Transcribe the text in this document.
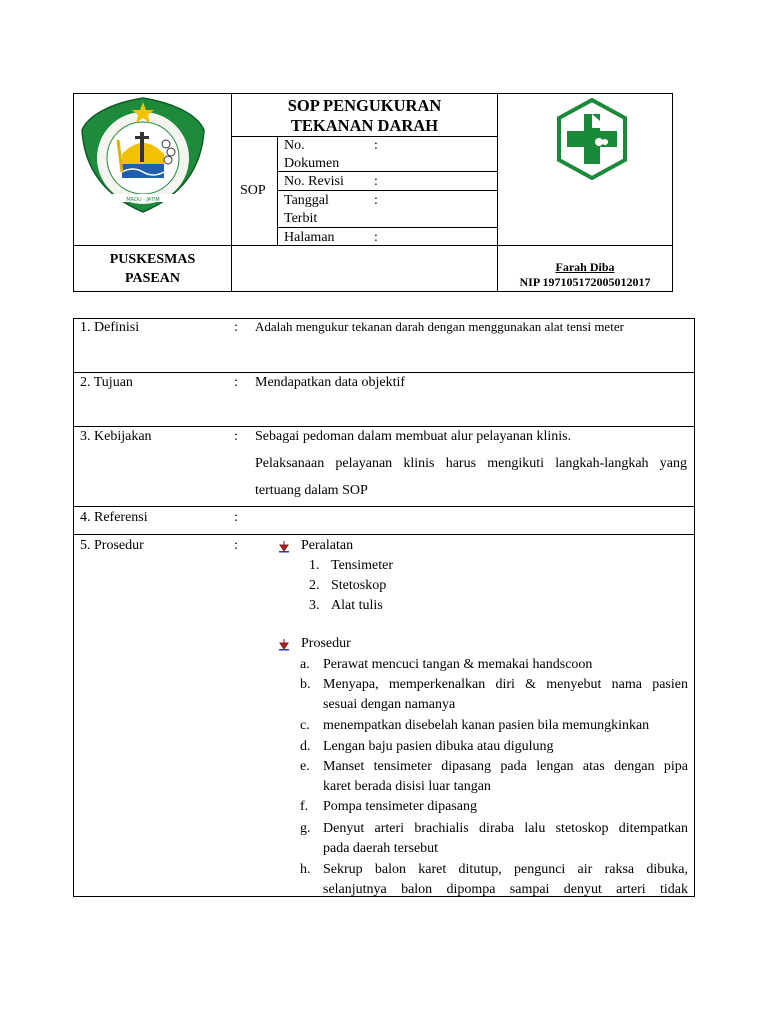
MADU · JATIM
SOP PENGUKURAN
TEKANAN DARAH
SOP
No.	:
Dokumen
No. Revisi :
Tanggal	:
Terbit
Halaman	:
PUSKESMAS
PASEAN
Farah Diba
NIP 197105172005012017
1. Definisi	: Adalah mengukur tekanan darah dengan menggunakan alat tensi meter
2. Tujuan	: Mendapatkan data objektif
3. Kebijakan	: Sebagai pedoman dalam membuat alur pelayanan klinis.
Pelaksanaan pelayanan klinis harus mengikuti langkah-langkah yang
tertuang dalam SOP
4. Referensi	:
5. Prosedur	:	Peralatan
1. Tensimeter
2. Stetoskop
3. Alat tulis
Prosedur
a. Perawat mencuci tangan & memakai handscoon
b. Menyapa, memperkenalkan diri & menyebut nama pasien
sesuai dengan namanya
c. menempatkan disebelah kanan pasien bila memungkinkan
d. Lengan baju pasien dibuka atau digulung
e. Manset tensimeter dipasang pada lengan atas dengan pipa
karet berada disisi luar tangan
f. Pompa tensimeter dipasang
g. Denyut arteri brachialis diraba lalu stetoskop ditempatkan
pada daerah tersebut
h. Sekrup balon karet ditutup, pengunci air raksa dibuka,
selanjutnya balon dipompa sampai denyut arteri tidak
